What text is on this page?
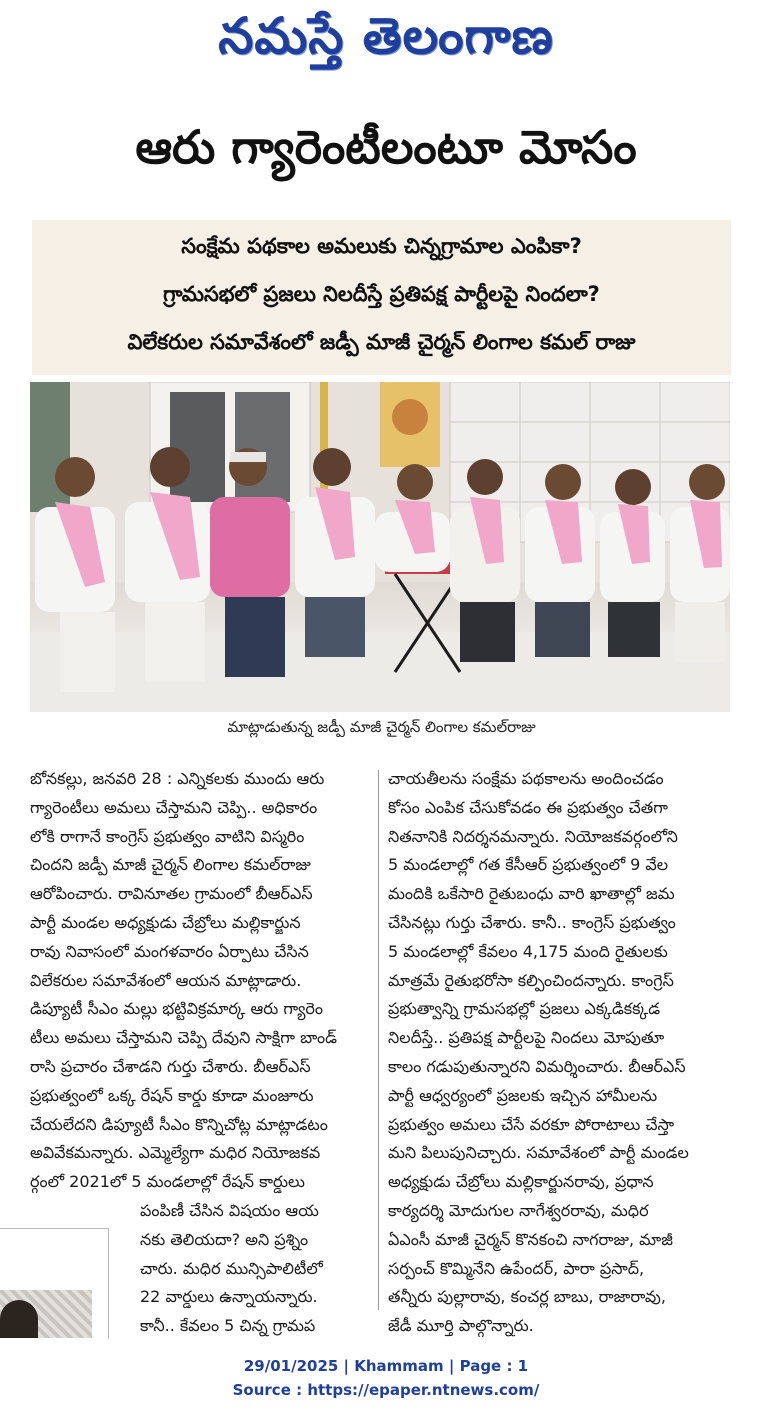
నమస్తే తెలంగాణ
ఆరు గ్యారెంటీలంటూ మోసం
సంక్షేమ పథకాల అమలుకు చిన్నగ్రామాల ఎంపికా?
గ్రామసభలో ప్రజలు నిలదీస్తే ప్రతిపక్ష పార్టీలపై నిందలా?
విలేకరుల సమావేశంలో జడ్పీ మాజీ చైర్మన్ లింగాల కమల్ రాజు
మాట్లాడుతున్న జడ్పీ మాజీ చైర్మన్ లింగాల కమల్‌రాజు
బోనకల్లు, జనవరి 28 : ఎన్నికలకు ముందు ఆరు
గ్యారెంటీలు అమలు చేస్తామని చెప్పి.. అధికారం
లోకి రాగానే కాంగ్రెస్ ప్రభుత్వం వాటిని విస్మరిం
చిందని జడ్పీ మాజీ చైర్మన్ లింగాల కమల్‌రాజు
ఆరోపించారు. రావినూతల గ్రామంలో బీఆర్‌ఎస్
పార్టీ మండల అధ్యక్షుడు చేబ్రోలు మల్లికార్జున
రావు నివాసంలో మంగళవారం ఏర్పాటు చేసిన
విలేకరుల సమావేశంలో ఆయన మాట్లాడారు.
డిప్యూటీ సీఎం మల్లు భట్టివిక్రమార్క ఆరు గ్యారెం
టీలు అమలు చేస్తామని చెప్పి దేవుని సాక్షిగా బాండ్
రాసి ప్రచారం చేశాడని గుర్తు చేశారు. బీఆర్‌ఎస్
ప్రభుత్వంలో ఒక్క రేషన్ కార్డు కూడా మంజూరు
చేయలేదని డిప్యూటీ సీఎం కొన్నిచోట్ల మాట్లాడటం
అవివేకమన్నారు. ఎమ్మెల్యేగా మధిర నియోజకవ
ర్గంలో 2021లో 5 మండలాల్లో రేషన్ కార్డులు
పంపిణీ చేసిన విషయం ఆయ
నకు తెలియదా? అని ప్రశ్నిం
చారు. మధిర మున్సిపాలిటీలో
22 వార్డులు ఉన్నాయన్నారు.
కానీ.. కేవలం 5 చిన్న గ్రామప
చాయతీలను సంక్షేమ పథకాలను అందించడం
కోసం ఎంపిక చేసుకోవడం ఈ ప్రభుత్వం చేతగా
నితనానికి నిదర్శనమన్నారు. నియోజకవర్గంలోని
5 మండలాల్లో గత కేసీఆర్ ప్రభుత్వంలో 9 వేల
మందికి ఒకేసారి రైతుబంధు వారి ఖాతాల్లో జమ
చేసినట్లు గుర్తు చేశారు. కానీ.. కాంగ్రెస్ ప్రభుత్వం
5 మండలాల్లో కేవలం 4,175 మంది రైతులకు
మాత్రమే రైతుభరోసా కల్పించిందన్నారు. కాంగ్రెస్
ప్రభుత్వాన్ని గ్రామసభల్లో ప్రజలు ఎక్కడికక్కడ
నిలదీస్తే.. ప్రతిపక్ష పార్టీలపై నిందలు మోపుతూ
కాలం గడుపుతున్నారని విమర్శించారు. బీఆర్‌ఎస్
పార్టీ ఆధ్వర్యంలో ప్రజలకు ఇచ్చిన హామీలను
ప్రభుత్వం అమలు చేసే వరకూ పోరాటాలు చేస్తా
మని పిలుపునిచ్చారు. సమావేశంలో పార్టీ మండల
అధ్యక్షుడు చేబ్రోలు మల్లికార్జునరావు, ప్రధాన
కార్యదర్శి మోదుగుల నాగేశ్వరరావు, మధిర
ఏఎంసీ మాజీ చైర్మన్ కొనకంచి నాగరాజు, మాజీ
సర్పంచ్ కొమ్మినేని ఉపేందర్, పారా ప్రసాద్,
తన్నీరు పుల్లారావు, కంచర్ల బాబు, రాజారావు,
జేడీ మూర్తి పాల్గొన్నారు.
29/01/2025 | Khammam | Page : 1
Source : https://epaper.ntnews.com/
